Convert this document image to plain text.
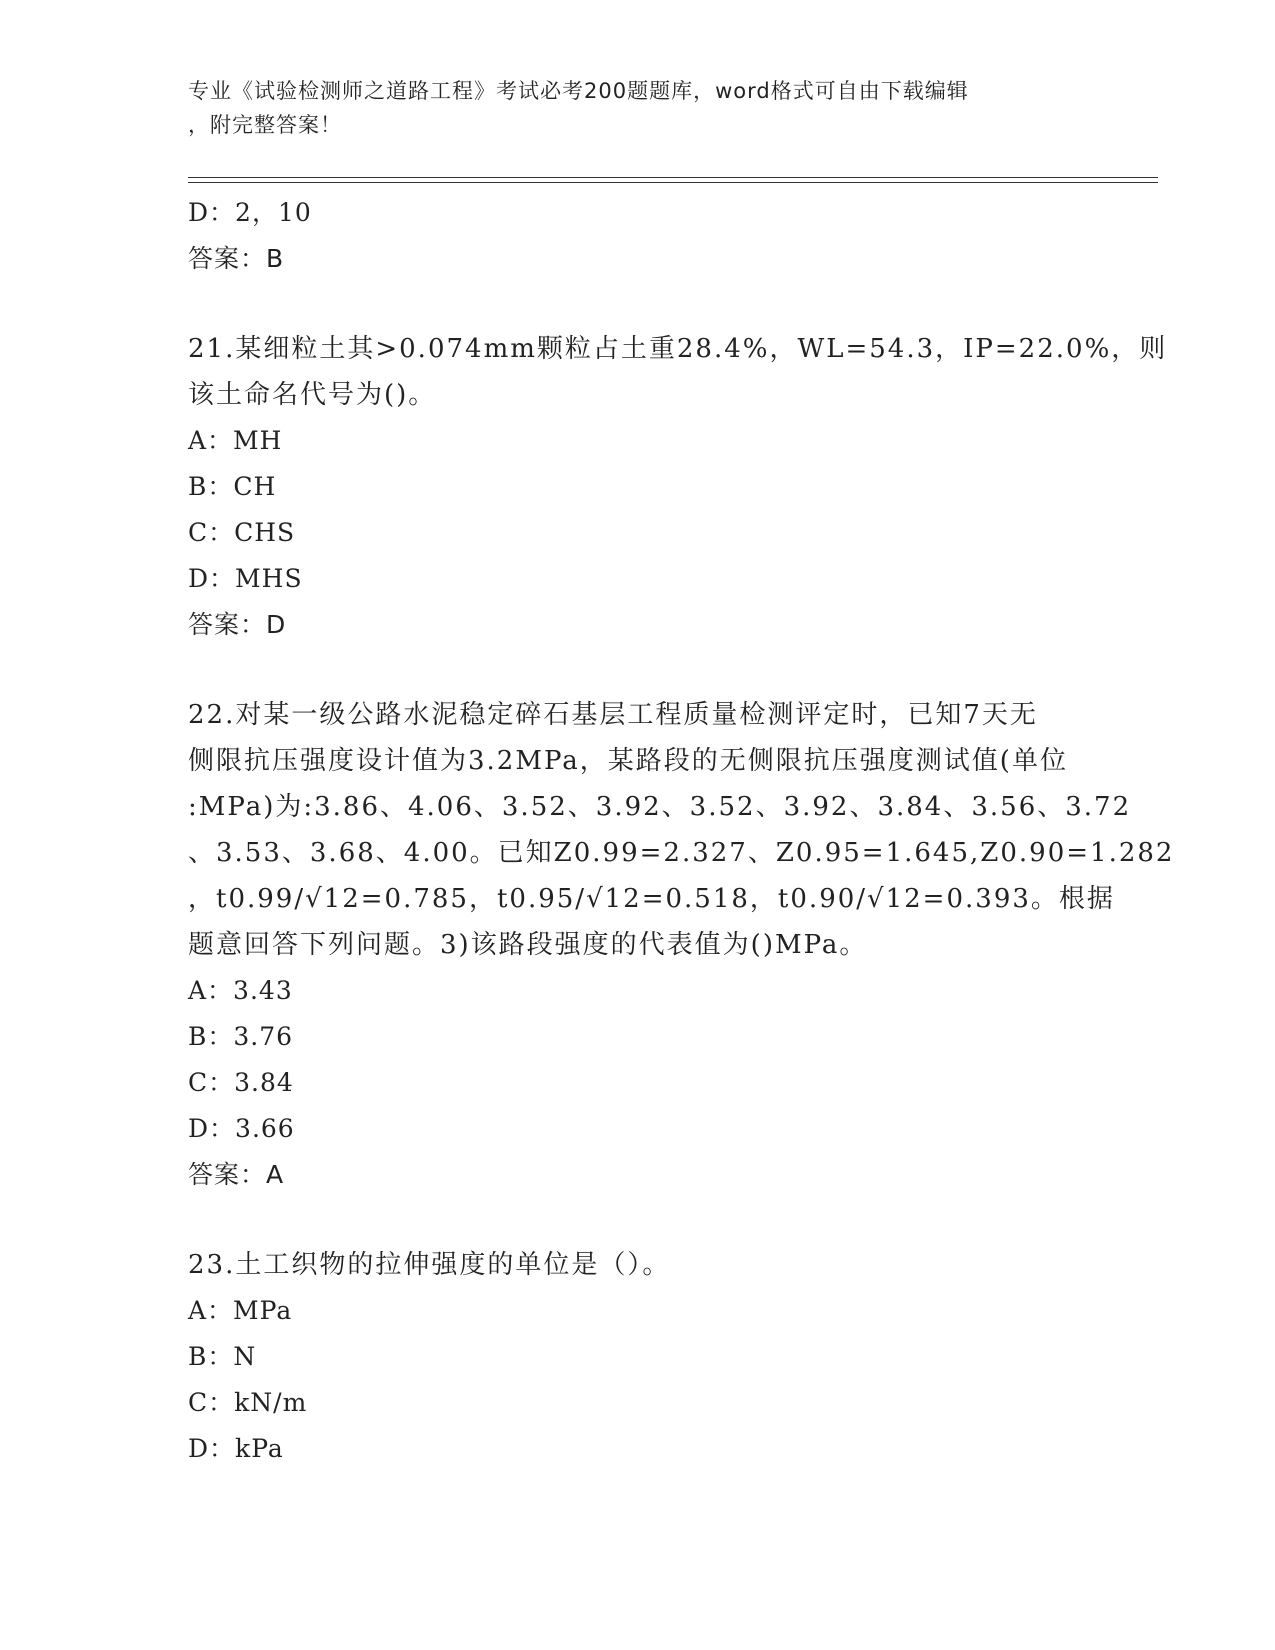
专业《试验检测师之道路工程》考试必考200题题库，word格式可自由下载编辑
，附完整答案！
D：2，10
答案：B
21.某细粒土其>0.074mm颗粒占土重28.4%，WL=54.3，IP=22.0%，则
该土命名代号为()。
A：MH
B：CH
C：CHS
D：MHS
答案：D
22.对某一级公路水泥稳定碎石基层工程质量检测评定时，已知7天无
侧限抗压强度设计值为3.2MPa，某路段的无侧限抗压强度测试值(单位
:MPa)为:3.86、4.06、3.52、3.92、3.52、3.92、3.84、3.56、3.72
、3.53、3.68、4.00。已知Z0.99=2.327、Z0.95=1.645,Z0.90=1.282
，t0.99/√12=0.785，t0.95/√12=0.518，t0.90/√12=0.393。根据
题意回答下列问题。3)该路段强度的代表值为()MPa。
A：3.43
B：3.76
C：3.84
D：3.66
答案：A
23.土工织物的拉伸强度的单位是（）。
A：MPa
B：N
C：kN/m
D：kPa
